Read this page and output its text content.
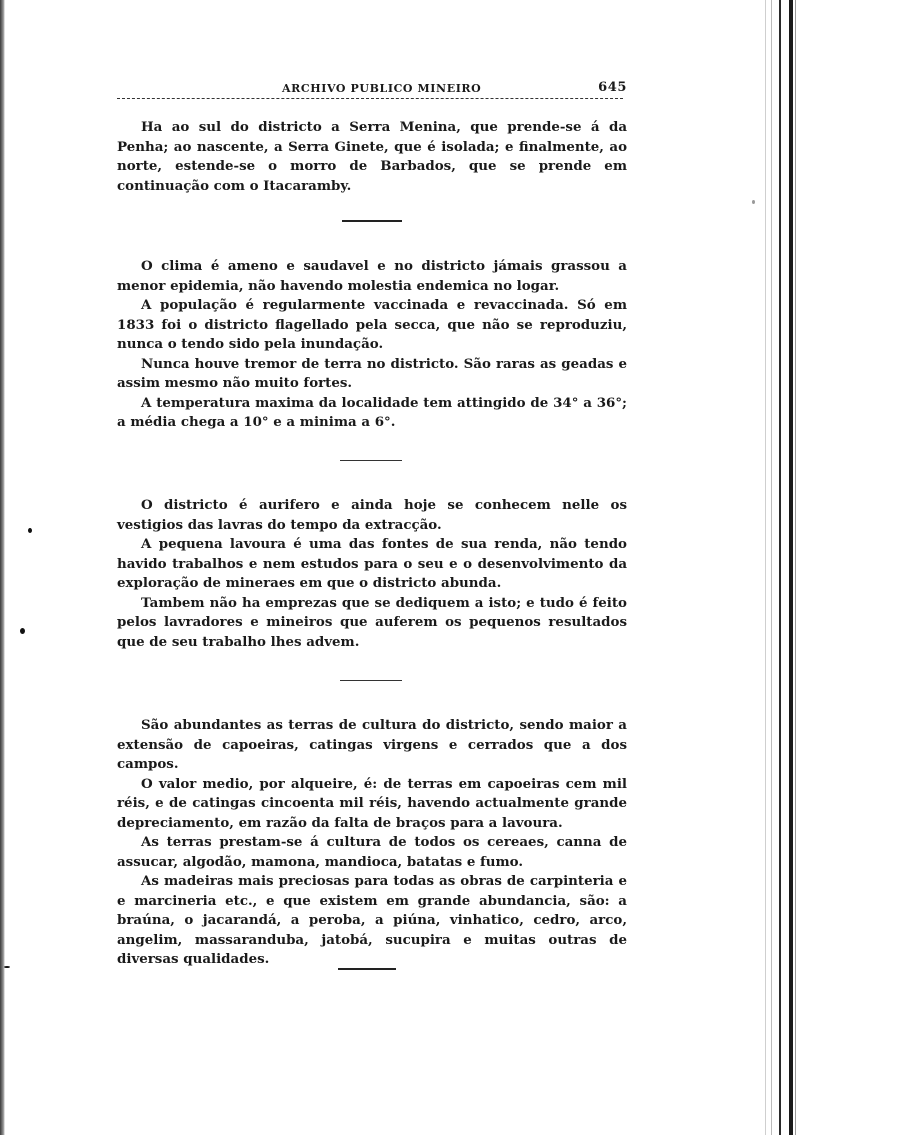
ARCHIVO PUBLICO MINEIRO	645

Ha ao sul do districto a Serra Menina, que prende-se á da Penha; ao nascente, a Serra Ginete, que é isolada; e finalmente, ao norte, estende-se o morro de Barbados, que se prende em continuação com o Itacaramby.

O clima é ameno e saudavel e no districto jámais grassou a menor epidemia, não havendo molestia endemica no logar.

A população é regularmente vaccinada e revaccinada. Só em 1833 foi o districto flagellado pela secca, que não se reproduziu, nunca o tendo sido pela inundação.

Nunca houve tremor de terra no districto. São raras as geadas e assim mesmo não muito fortes.

A temperatura maxima da localidade tem attingido de 34° a 36°; a média chega a 10° e a minima a 6°.

O districto é aurifero e ainda hoje se conhecem nelle os vestigios das lavras do tempo da extracção.

A pequena lavoura é uma das fontes de sua renda, não tendo havido trabalhos e nem estudos para o seu e o desenvolvimento da exploração de mineraes em que o districto abunda.

Tambem não ha emprezas que se dediquem a isto; e tudo é feito pelos lavradores e mineiros que auferem os pequenos resultados que de seu trabalho lhes advem.

São abundantes as terras de cultura do districto, sendo maior a extensão de capoeiras, catingas virgens e cerrados que a dos campos.

O valor medio, por alqueire, é: de terras em capoeiras cem mil réis, e de catingas cincoenta mil réis, havendo actualmente grande depreciamento, em razão da falta de braços para a lavoura.

As terras prestam-se á cultura de todos os cereaes, canna de assucar, algodão, mamona, mandioca, batatas e fumo.

As madeiras mais preciosas para todas as obras de carpinteria e e marcineria etc., e que existem em grande abundancia, são: a braúna, o jacarandá, a peroba, a piúna, vinhatico, cedro, arco, angelim, massaranduba, jatobá, sucupira e muitas outras de diversas qualidades.
